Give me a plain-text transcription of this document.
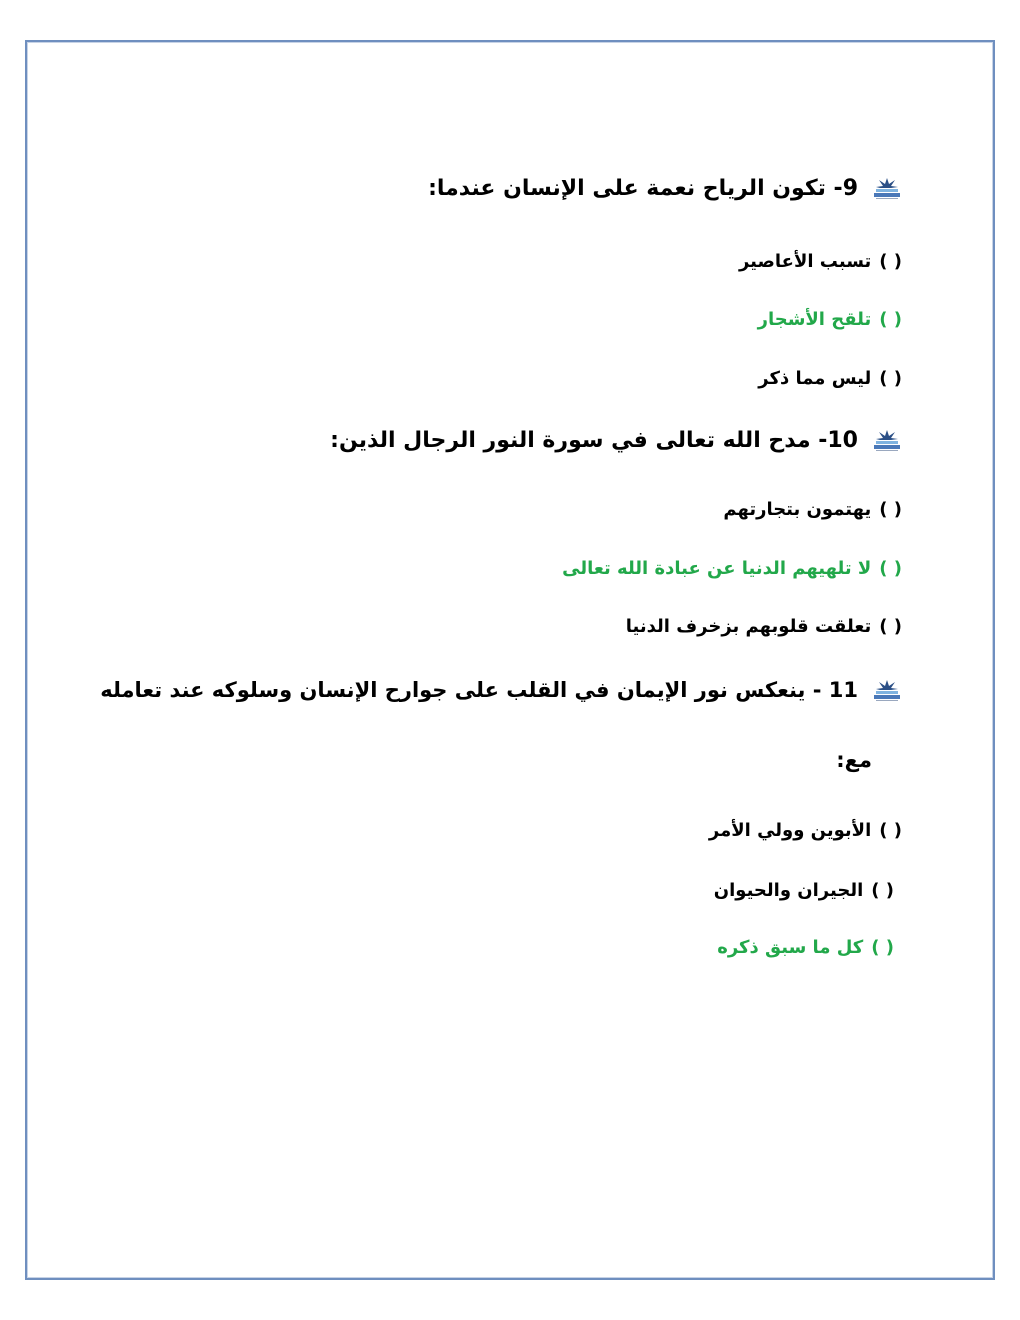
9- تكون الرياح نعمة على الإنسان عندما:
( )تسبب الأعاصير
( )تلقح الأشجار
( )ليس مما ذكر
10- مدح الله تعالى في سورة النور الرجال الذين:
( )يهتمون بتجارتهم
( )لا تلهيهم الدنيا عن عبادة الله تعالى
( )تعلقت قلوبهم بزخرف الدنيا
11 - ينعكس نور الإيمان في القلب على جوارح الإنسان وسلوكه عند تعامله
مع:
( )الأبوين وولي الأمر
( )الجيران والحيوان
( )كل ما سبق ذكره
